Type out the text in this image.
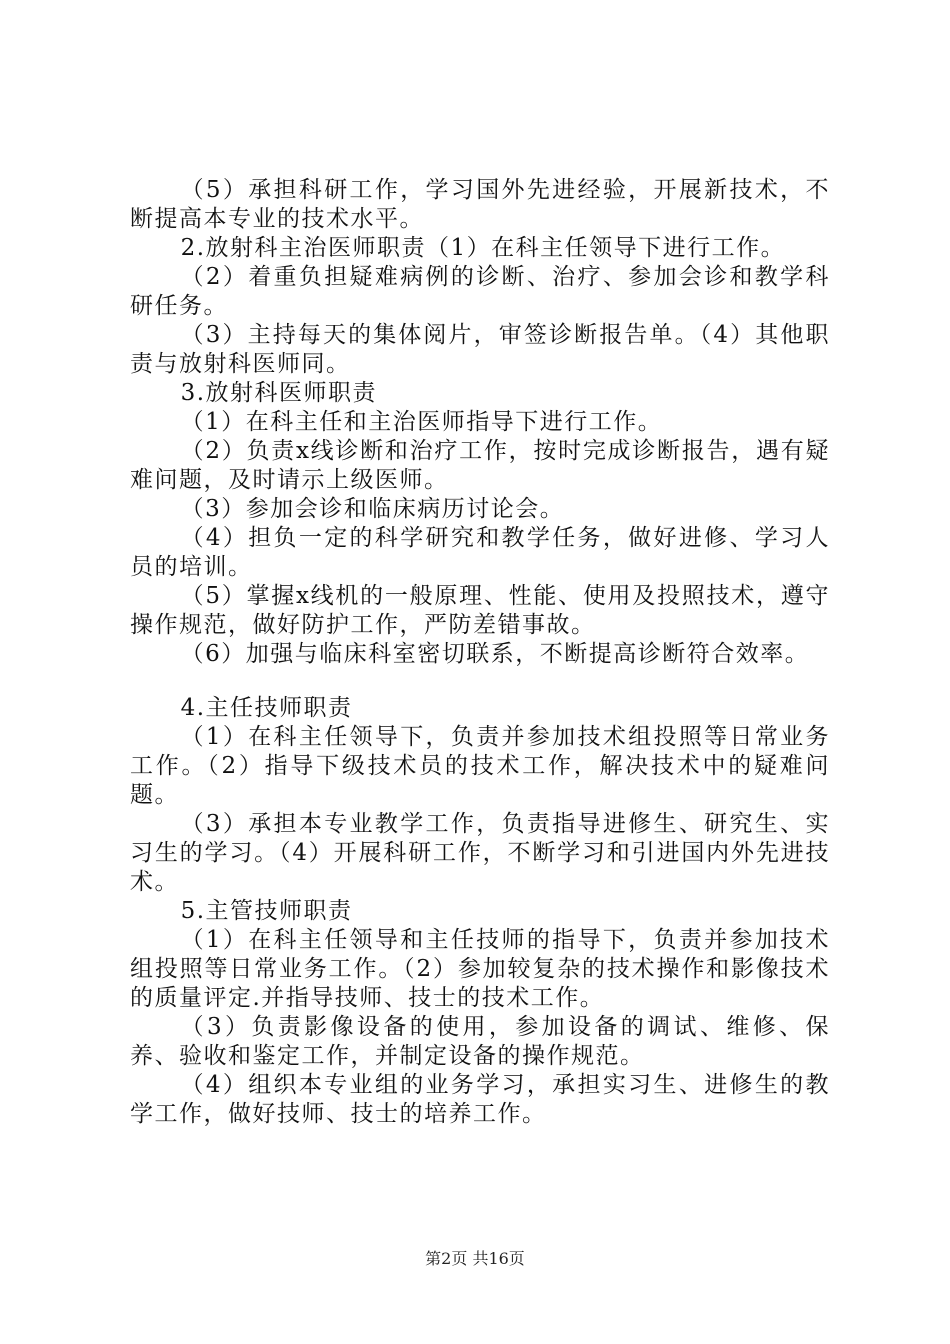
（5）承担科研工作，学习国外先进经验，开展新技术，不断提高本专业的技术水平。

2.放射科主治医师职责（1）在科主任领导下进行工作。

（2）着重负担疑难病例的诊断、治疗、参加会诊和教学科研任务。

（3）主持每天的集体阅片，审签诊断报告单。（4）其他职责与放射科医师同。

3.放射科医师职责

（1）在科主任和主治医师指导下进行工作。

（2）负责x线诊断和治疗工作，按时完成诊断报告，遇有疑难问题，及时请示上级医师。

（3）参加会诊和临床病历讨论会。

（4）担负一定的科学研究和教学任务，做好进修、学习人员的培训。

（5）掌握x线机的一般原理、性能、使用及投照技术，遵守操作规范，做好防护工作，严防差错事故。

（6）加强与临床科室密切联系，不断提高诊断符合效率。

4.主任技师职责

（1）在科主任领导下，负责并参加技术组投照等日常业务工作。（2）指导下级技术员的技术工作，解决技术中的疑难问题。

（3）承担本专业教学工作，负责指导进修生、研究生、实习生的学习。（4）开展科研工作，不断学习和引进国内外先进技术。

5.主管技师职责

（1）在科主任领导和主任技师的指导下，负责并参加技术组投照等日常业务工作。（2）参加较复杂的技术操作和影像技术的质量评定.并指导技师、技士的技术工作。

（3）负责影像设备的使用，参加设备的调试、维修、保养、验收和鉴定工作，并制定设备的操作规范。

（4）组织本专业组的业务学习，承担实习生、进修生的教学工作，做好技师、技士的培养工作。

第2页 共16页
